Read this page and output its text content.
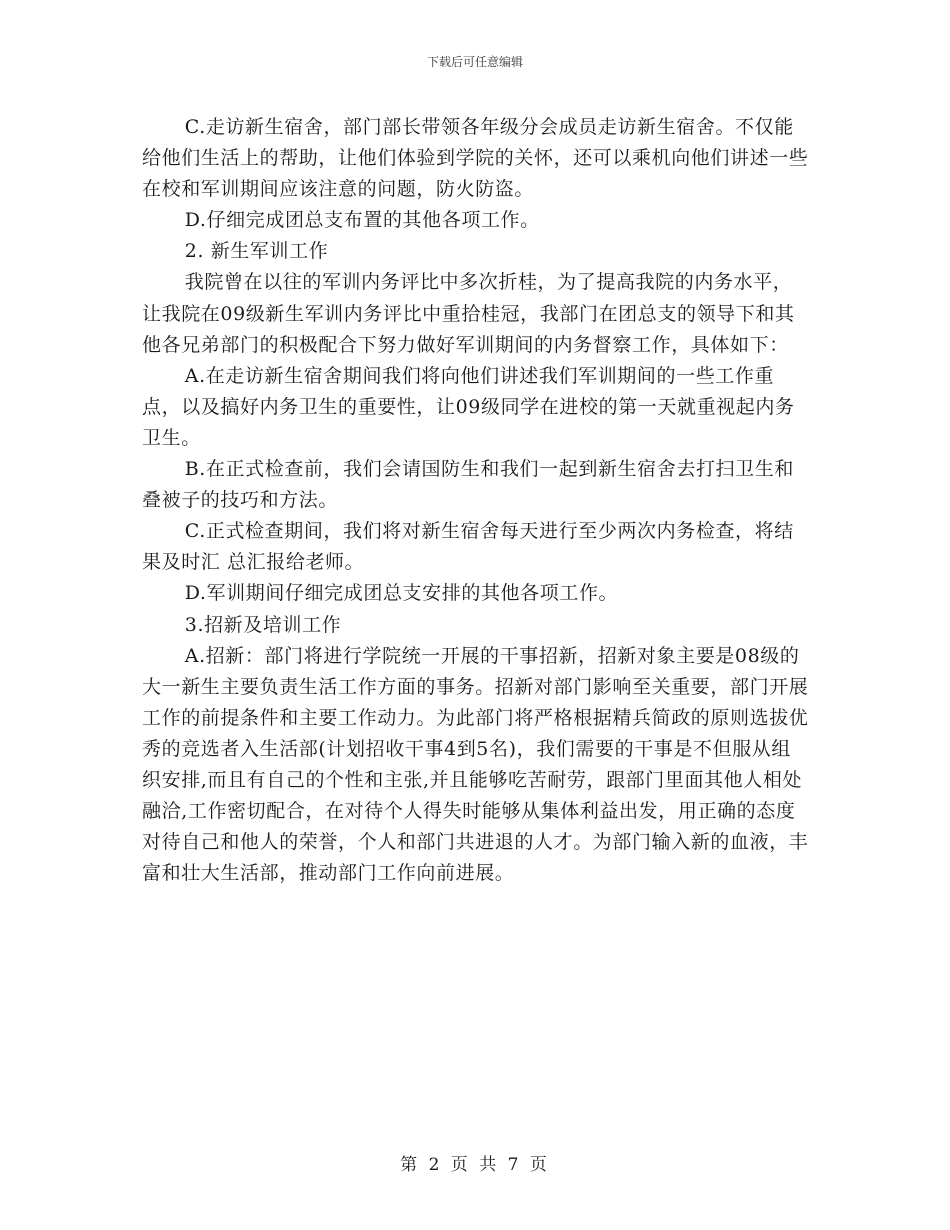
下载后可任意编辑

C.走访新生宿舍，部门部长带领各年级分会成员走访新生宿舍。不仅能给他们生活上的帮助，让他们体验到学院的关怀，还可以乘机向他们讲述一些在校和军训期间应该注意的问题，防火防盗。

D.仔细完成团总支布置的其他各项工作。

2. 新生军训工作

我院曾在以往的军训内务评比中多次折桂，为了提高我院的内务水平，让我院在09级新生军训内务评比中重拾桂冠，我部门在团总支的领导下和其他各兄弟部门的积极配合下努力做好军训期间的内务督察工作，具体如下：

A.在走访新生宿舍期间我们将向他们讲述我们军训期间的一些工作重点，以及搞好内务卫生的重要性，让09级同学在进校的第一天就重视起内务卫生。

B.在正式检查前，我们会请国防生和我们一起到新生宿舍去打扫卫生和叠被子的技巧和方法。

C.正式检查期间，我们将对新生宿舍每天进行至少两次内务检查，将结果及时汇 总汇报给老师。

D.军训期间仔细完成团总支安排的其他各项工作。

3.招新及培训工作

A.招新：部门将进行学院统一开展的干事招新，招新对象主要是08级的大一新生主要负责生活工作方面的事务。招新对部门影响至关重要，部门开展工作的前提条件和主要工作动力。为此部门将严格根据精兵简政的原则选拔优秀的竞选者入生活部(计划招收干事4到5名)，我们需要的干事是不但服从组织安排,而且有自己的个性和主张,并且能够吃苦耐劳，跟部门里面其他人相处融洽,工作密切配合，在对待个人得失时能够从集体利益出发，用正确的态度对待自己和他人的荣誉，个人和部门共进退的人才。为部门输入新的血液，丰富和壮大生活部，推动部门工作向前进展。

第 2 页 共 7 页
